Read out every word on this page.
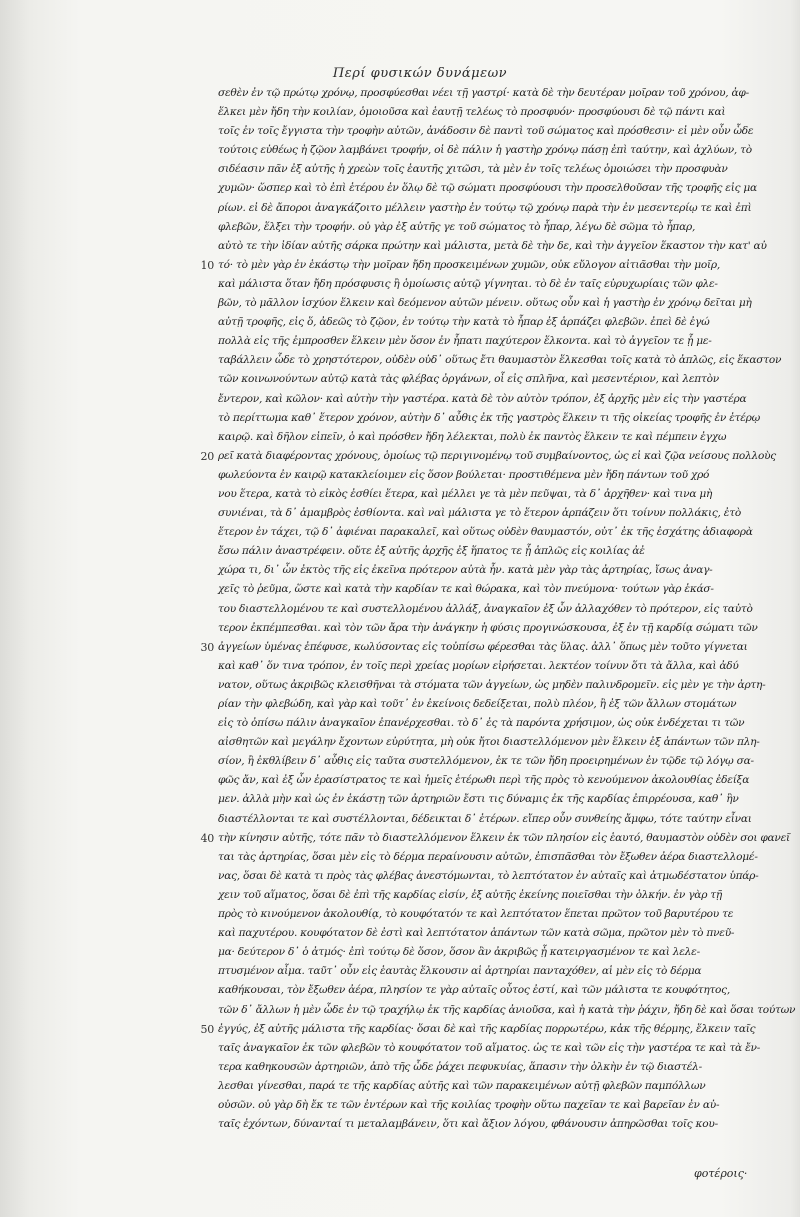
Περί φυσικών δυνάμεων
σεθὲν ἐν τῷ πρώτῳ χρόνῳ, προσφύεσθαι νέει τῇ γαστρί· κατὰ δὲ τὴν δευτέραν μοῖραν τοῦ χρόνου, ἀφ-
ἕλκει μὲν ἤδη τὴν κοιλίαν, ὁμοιοῦσα καὶ ἑαυτῇ τελέως τὸ προσφυόν· προσφύουσι δὲ τῷ πάντι καὶ
τοῖς ἐν τοῖς ἔγγιστα τὴν τροφὴν αὐτῶν, ἀνάδοσιν δὲ παντὶ τοῦ σώματος καὶ πρόσθεσιν· εἰ μὲν οὖν ὧδε
τούτοις εὐθέως ἡ ζῷον λαμβάνει τροφήν, οἱ δὲ πάλιν ἡ γαστὴρ χρόνῳ πάσῃ ἐπὶ ταύτην, καὶ ἀχλύων, τὸ
σιδέασιν πᾶν ἐξ αὐτῆς ἡ χρεὼν τοῖς ἑαυτῆς χιτῶσι, τὰ μὲν ἐν τοῖς τελέως ὁμοιώσει τὴν προσφυὰν
χυμῶν· ὥσπερ καὶ τὸ ἐπὶ ἑτέρου ἐν ὅλῳ δὲ τῷ σώματι προσφύουσι τὴν προσελθοῦσαν τῆς τροφῆς εἰς μα
ρίων. εἰ δὲ ἄποροι ἀναγκάζοιτο μέλλειν γαστὴρ ἐν τούτῳ τῷ χρόνῳ παρὰ τὴν ἐν μεσεντερίῳ τε καὶ ἐπὶ
φλεβῶν, ἕλξει τὴν τροφήν. οὐ γὰρ ἐξ αὐτῆς γε τοῦ σώματος τὸ ἧπαρ, λέγω δὲ σῶμα τὸ ἧπαρ,
αὐτὸ τε τὴν ἰδίαν αὐτῆς σάρκα πρώτην καὶ μάλιστα, μετὰ δὲ τὴν δε, καὶ τὴν ἀγγεῖον ἕκαστον τὴν κατ' αὐ
10 τό· τὸ μὲν γὰρ ἐν ἑκάστῳ τὴν μοῖραν ἤδη προσκειμένων χυμῶν, οὐκ εὔλογον αἰτιᾶσθαι τὴν μοῖρ,
καὶ μάλιστα ὅταν ἤδη πρόσφυσις ἢ ὁμοίωσις αὐτῷ γίγνηται. τὸ δὲ ἐν ταῖς εὐρυχωρίαις τῶν φλε-
βῶν, τὸ μᾶλλον ἰσχύον ἕλκειν καὶ δεόμενον αὐτῶν μένειν. οὕτως οὖν καὶ ἡ γαστὴρ ἐν χρόνῳ δεῖται μὴ
αὐτῇ τροφῆς, εἰς ὅ, ἀδεῶς τὸ ζῷον, ἐν τούτῳ τὴν κατὰ τὸ ἧπαρ ἐξ ἁρπάζει φλεβῶν. ἐπεὶ δὲ ἐγώ
πολλὰ εἰς τῆς ἐμπροσθεν ἕλκειν μὲν ὅσον ἐν ἧπατι παχύτερον ἕλκοντα. καὶ τὸ ἀγγεῖον τε ᾗ με-
ταβάλλειν ὧδε τὸ χρηστότερον, οὐδὲν οὐδ᾽ οὕτως ἔτι θαυμαστὸν ἕλκεσθαι τοῖς κατὰ τὸ ἀπλῶς, εἰς ἕκαστον
τῶν κοινωνούντων αὐτῷ κατὰ τὰς φλέβας ὀργάνων, οἷ εἰς σπλῆνα, καὶ μεσεντέριον, καὶ λεπτὸν
ἔντερον, καὶ κῶλον· καὶ αὐτὴν τὴν γαστέρα. κατὰ δὲ τὸν αὐτὸν τρόπον, ἐξ ἀρχῆς μὲν εἰς τὴν γαστέρα
τὸ περίττωμα καθ᾽ ἕτερον χρόνον, αὐτὴν δ᾽ αὖθις ἐκ τῆς γαστρὸς ἕλκειν τι τῆς οἰκείας τροφῆς ἐν ἑτέρῳ
καιρῷ. καὶ δῆλον εἰπεῖν, ὁ καὶ πρόσθεν ἤδη λέλεκται, πολὺ ἐκ παντὸς ἕλκειν τε καὶ πέμπειν ἐγχω
20 ρεῖ κατὰ διαφέροντας χρόνους, ὁμοίως τῷ περιγινομένῳ τοῦ συμβαίνοντος, ὡς εἰ καὶ ζῷα νείσους πολλοὺς
φωλεύοντα ἐν καιρῷ κατακλείοιμεν εἰς ὅσον βούλεται· προστιθέμενα μὲν ἤδη πάντων τοῦ χρό
νου ἕτερα, κατὰ τὸ εἰκὸς ἐσθίει ἕτερα, καὶ μέλλει γε τὰ μὲν πεῦψαι, τὰ δ᾽ ἀρχῆθεν· καὶ τινα μὴ
συνιέναι, τὰ δ᾽ ἀμαμβρὸς ἐσθίοντα. καὶ ναὶ μάλιστα γε τὸ ἕτερον ἁρπάζειν ὅτι τοίνυν πολλάκις, ἐτὸ
ἕτερον ἐν τάχει, τῷ δ᾽ ἀφιέναι παρακαλεῖ, καὶ οὕτως οὐδὲν θαυμαστόν, οὐτ᾽ ἐκ τῆς ἐσχάτης ἀδιαφορὰ
ἔσω πάλιν ἀναστρέφειν. οὔτε ἐξ αὐτῆς ἀρχῆς ἐξ ἥπατος τε ᾗ ἁπλῶς εἰς κοιλίας ἀἐ
χώρα τι, δι᾽ ὧν ἐκτὸς τῆς εἰς ἐκεῖνα πρότερον αὐτὰ ἦν. κατὰ μὲν γὰρ τὰς ἀρτηρίας, ἴσως ἀναγ-
χεῖς τὸ ῥεῦμα, ὥστε καὶ κατὰ τὴν καρδίαν τε καὶ θώρακα, καὶ τὸν πνεύμονα· τούτων γὰρ ἑκάσ-
του διαστελλομένου τε καὶ συστελλομένου ἀλλάξ, ἀναγκαῖον ἐξ ὧν ἀλλαχόθεν τὸ πρότερον, εἰς ταὐτὸ
τερον ἐκπέμπεσθαι. καὶ τὸν τῶν ἄρα τὴν ἀνάγκην ἡ φύσις προγινώσκουσα, ἐξ ἐν τῇ καρδίᾳ σώματι τῶν
30 ἀγγείων ὑμένας ἐπέφυσε, κωλύσοντας εἰς τοὐπίσω φέρεσθαι τὰς ὕλας. ἀλλ᾽ ὅπως μὲν τοῦτο γίγνεται
καὶ καθ᾽ ὅν τινα τρόπον, ἐν τοῖς περὶ χρείας μορίων εἰρήσεται. λεκτέον τοίνυν ὅτι τὰ ἄλλα, καὶ ἀδύ
νατον, οὕτως ἀκριβῶς κλεισθῆναι τὰ στόματα τῶν ἀγγείων, ὡς μηδὲν παλινδρομεῖν. εἰς μὲν γε τὴν ἀρτη-
ρίαν τὴν φλεβώδη, καὶ γὰρ καὶ τοῦτ᾽ ἐν ἐκείνοις δεδείξεται, πολὺ πλέον, ἢ ἐξ τῶν ἄλλων στομάτων
εἰς τὸ ὀπίσω πάλιν ἀναγκαῖον ἐπανέρχεσθαι. τὸ δ᾽ ἐς τὰ παρόντα χρήσιμον, ὡς οὐκ ἐνδέχεται τι τῶν
αἰσθητῶν καὶ μεγάλην ἔχοντων εὐρύτητα, μὴ οὐκ ἤτοι διαστελλόμενον μὲν ἕλκειν ἐξ ἁπάντων τῶν πλη-
σίον, ἢ ἐκθλίβειν δ᾽ αὖθις εἰς ταῦτα συστελλόμενον, ἐκ τε τῶν ἤδη προειρημένων ἐν τῷδε τῷ λόγῳ σα-
φῶς ἄν, καὶ ἐξ ὧν ἐρασίστρατος τε καὶ ἡμεῖς ἑτέρωθι περὶ τῆς πρὸς τὸ κενούμενον ἀκολουθίας ἐδείξα
μεν. ἀλλὰ μὴν καὶ ὡς ἐν ἑκάστῃ τῶν ἀρτηριῶν ἔστι τις δύναμις ἐκ τῆς καρδίας ἐπιρρέουσα, καθ᾽ ἣν
διαστέλλονται τε καὶ συστέλλονται, δέδεικται δ᾽ ἑτέρων. εἴπερ οὖν συνθείης ἄμφω, τότε ταύτην εἶναι
40 τὴν κίνησιν αὐτῆς, τότε πᾶν τὸ διαστελλόμενον ἕλκειν ἐκ τῶν πλησίον εἰς ἑαυτό, θαυμαστὸν οὐδὲν σοι φανεῖ
ται τὰς ἀρτηρίας, ὅσαι μὲν εἰς τὸ δέρμα περαίνουσιν αὐτῶν, ἐπισπᾶσθαι τὸν ἔξωθεν ἀέρα διαστελλομέ-
νας, ὅσαι δὲ κατὰ τι πρὸς τὰς φλέβας ἀνεστόμωνται, τὸ λεπτότατον ἐν αὐταῖς καὶ ἀτμωδέστατον ὑπάρ-
χειν τοῦ αἵματος, ὅσαι δὲ ἐπὶ τῆς καρδίας εἰσίν, ἐξ αὐτῆς ἐκείνης ποιεῖσθαι τὴν ὁλκήν. ἐν γὰρ τῇ
πρὸς τὸ κινούμενον ἀκολουθίᾳ, τὸ κουφότατόν τε καὶ λεπτότατον ἕπεται πρῶτον τοῦ βαρυτέρου τε
καὶ παχυτέρου. κουφότατον δὲ ἐστὶ καὶ λεπτότατον ἁπάντων τῶν κατὰ σῶμα, πρῶτον μὲν τὸ πνεῦ-
μα· δεύτερον δ᾽ ὁ ἀτμός· ἐπὶ τούτῳ δὲ ὅσον, ὅσον ἂν ἀκριβῶς ᾖ κατειργασμένον τε καὶ λελε-
πτυσμένον αἷμα. ταῦτ᾽ οὖν εἰς ἑαυτὰς ἕλκουσιν αἱ ἀρτηρίαι πανταχόθεν, αἱ μὲν εἰς τὸ δέρμα
καθήκουσαι, τὸν ἔξωθεν ἀέρα, πλησίον τε γὰρ αὐταῖς οὗτος ἐστί, καὶ τῶν μάλιστα τε κουφότητος,
τῶν δ᾽ ἄλλων ἡ μὲν ὧδε ἐν τῷ τραχήλῳ ἐκ τῆς καρδίας ἀνιοῦσα, καὶ ἡ κατὰ τὴν ῥάχιν, ἤδη δὲ καὶ ὅσαι τούτων
50 ἐγγύς, ἐξ αὐτῆς μάλιστα τῆς καρδίας· ὅσαι δὲ καὶ τῆς καρδίας πορρωτέρω, κἀκ τῆς θέρμης, ἕλκειν ταῖς
ταῖς ἀναγκαῖον ἐκ τῶν φλεβῶν τὸ κουφότατον τοῦ αἵματος. ὡς τε καὶ τῶν εἰς τὴν γαστέρα τε καὶ τὰ ἔν-
τερα καθηκουσῶν ἀρτηριῶν, ἀπὸ τῆς ὧδε ῥάχει πεφυκυίας, ἅπασιν τὴν ὁλκὴν ἐν τῷ διαστέλ-
λεσθαι γίνεσθαι, παρά τε τῆς καρδίας αὐτῆς καὶ τῶν παρακειμένων αὐτῇ φλεβῶν παμπόλλων
οὐσῶν. οὐ γὰρ δὴ ἔκ τε τῶν ἐντέρων καὶ τῆς κοιλίας τροφὴν οὕτω παχεῖαν τε καὶ βαρεῖαν ἐν αὐ-
ταῖς ἐχόντων, δύνανταί τι μεταλαμβάνειν, ὅτι καὶ ἄξιον λόγου, φθάνουσιν ἀπηρῶσθαι τοῖς κου-
φοτέροις·
